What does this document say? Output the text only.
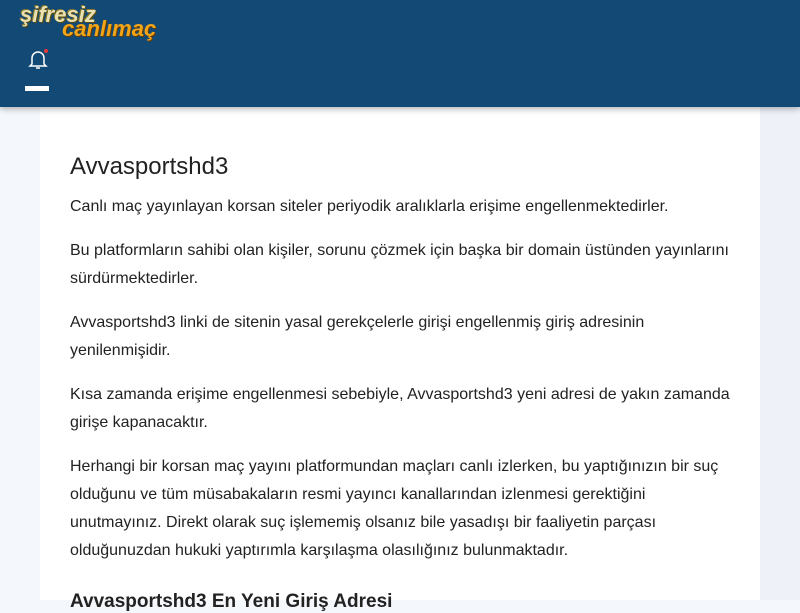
şifresiz
canlımaç
Avvasportshd3

Canlı maç yayınlayan korsan siteler periyodik aralıklarla erişime engellenmektedirler.

Bu platformların sahibi olan kişiler, sorunu çözmek için başka bir domain üstünden yayınlarını sürdürmektedirler.

Avvasportshd3 linki de sitenin yasal gerekçelerle girişi engellenmiş giriş adresinin yenilenmişidir.

Kısa zamanda erişime engellenmesi sebebiyle, Avvasportshd3 yeni adresi de yakın zamanda girişe kapanacaktır.

Herhangi bir korsan maç yayını platformundan maçları canlı izlerken, bu yaptığınızın bir suç olduğunu ve tüm müsabakaların resmi yayıncı kanallarından izlenmesi gerektiğini unutmayınız. Direkt olarak suç işlememiş olsanız bile yasadışı bir faaliyetin parçası olduğunuzdan hukuki yaptırımla karşılaşma olasılığınız bulunmaktadır.

Avvasportshd3 En Yeni Giriş Adresi
